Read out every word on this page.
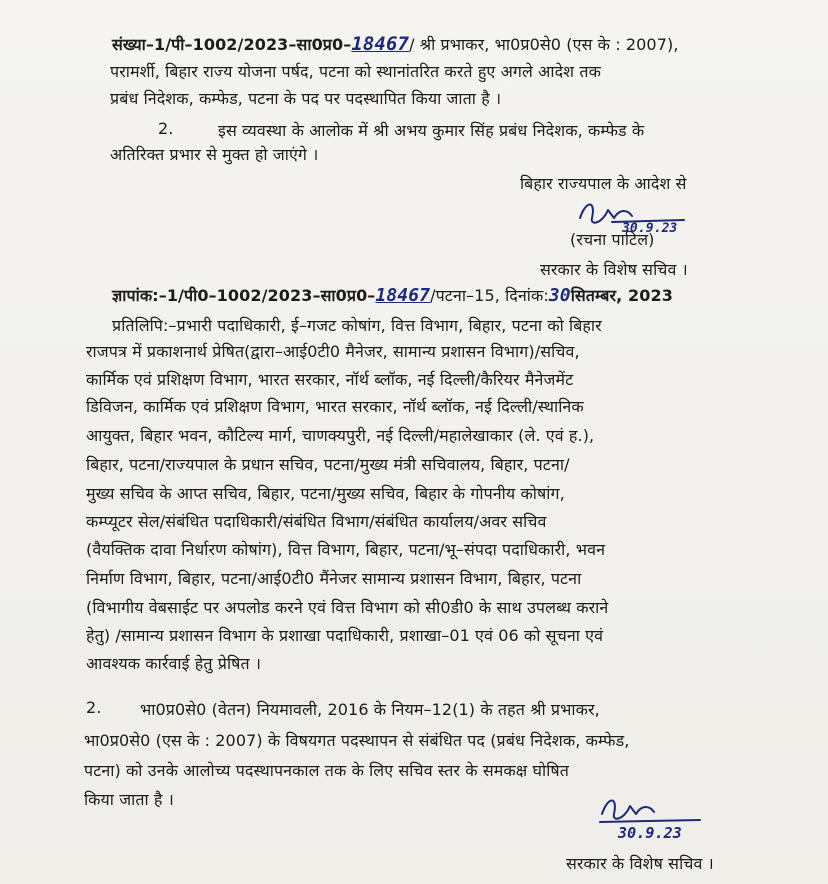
संख्या–1/पी–1002/2023–सा0प्र0–18467/ श्री प्रभाकर, भा0प्र0से0 (एस के : 2007),
परामर्शी, बिहार राज्य योजना पर्षद, पटना को स्थानांतरित करते हुए अगले आदेश तक
प्रबंध निदेशक, कम्फेड, पटना के पद पर पदस्थापित किया जाता है ।
2.	इस व्यवस्था के आलोक में श्री अभय कुमार सिंह प्रबंध निदेशक, कम्फेड के
अतिरिक्त प्रभार से मुक्त हो जाएंगे ।
बिहार राज्यपाल के आदेश से
30.9.23
(रचना पाटिल)
सरकार के विशेष सचिव ।
ज्ञापांक:–1/पी0–1002/2023–सा0प्र0–18467/पटना–15, दिनांक:30सितम्बर, 2023
प्रतिलिपि:–प्रभारी पदाधिकारी, ई–गजट कोषांग, वित्त विभाग, बिहार, पटना को बिहार
राजपत्र में प्रकाशनार्थ प्रेषित(द्वारा–आई0टी0 मैनेजर, सामान्य प्रशासन विभाग)/सचिव,
कार्मिक एवं प्रशिक्षण विभाग, भारत सरकार, नॉर्थ ब्लॉक, नई दिल्ली/कैरियर मैनेजमेंट
डिविजन, कार्मिक एवं प्रशिक्षण विभाग, भारत सरकार, नॉर्थ ब्लॉक, नई दिल्ली/स्थानिक
आयुक्त, बिहार भवन, कौटिल्य मार्ग, चाणक्यपुरी, नई दिल्ली/महालेखाकार (ले. एवं ह.),
बिहार, पटना/राज्यपाल के प्रधान सचिव, पटना/मुख्य मंत्री सचिवालय, बिहार, पटना/
मुख्य सचिव के आप्त सचिव, बिहार, पटना/मुख्य सचिव, बिहार के गोपनीय कोषांग,
कम्प्यूटर सेल/संबंधित पदाधिकारी/संबंधित विभाग/संबंधित कार्यालय/अवर सचिव
(वैयक्तिक दावा निर्धारण कोषांग), वित्त विभाग, बिहार, पटना/भू–संपदा पदाधिकारी, भवन
निर्माण विभाग, बिहार, पटना/आई0टी0 मैंनेजर सामान्य प्रशासन विभाग, बिहार, पटना
(विभागीय वेबसाईट पर अपलोड करने एवं वित्त विभाग को सी0डी0 के साथ उपलब्ध कराने
हेतु) /सामान्य प्रशासन विभाग के प्रशाखा पदाधिकारी, प्रशाखा–01 एवं 06 को सूचना एवं
आवश्यक कार्रवाई हेतु प्रेषित ।
2. भा0प्र0से0 (वेतन) नियमावली, 2016 के नियम–12(1) के तहत श्री प्रभाकर,
भा0प्र0से0 (एस के : 2007) के विषयगत पदस्थापन से संबंधित पद (प्रबंध निदेशक, कम्फेड,
पटना) को उनके आलोच्य पदस्थापनकाल तक के लिए सचिव स्तर के समकक्ष घोषित
किया जाता है ।
30.9.23
सरकार के विशेष सचिव ।
